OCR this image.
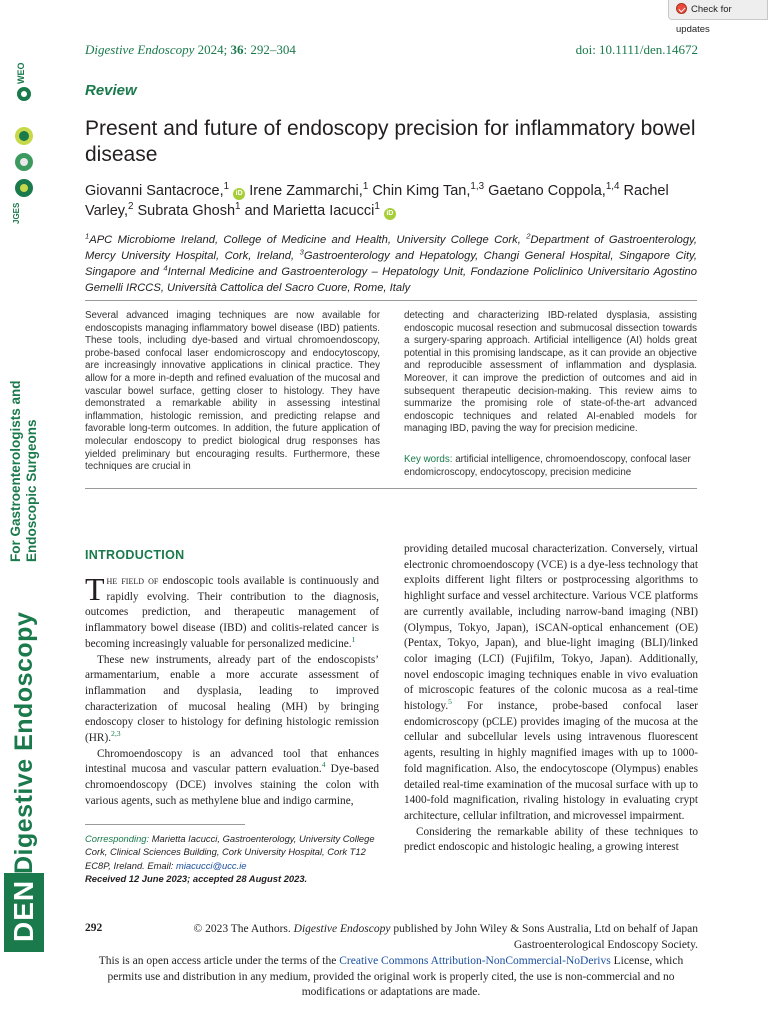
Check for updates
WEO
JGES
DEN
Digestive Endoscopy
For Gastroenterologists and Endoscopic Surgeons
Digestive Endoscopy 2024; 36: 292–304	doi: 10.1111/den.14672
Review
Present and future of endoscopy precision for inflammatory bowel disease
Giovanni Santacroce,$^1$ iD Irene Zammarchi,$^1$ Chin Kimg Tan,$^{1,3}$ Gaetano Coppola,$^{1,4}$ Rachel Varley,$^2$ Subrata Ghosh$^1$ and Marietta Iacucci$^1$ iD
$^1$APC Microbiome Ireland, College of Medicine and Health, University College Cork, $^2$Department of Gastroenterology, Mercy University Hospital, Cork, Ireland, $^3$Gastroenterology and Hepatology, Changi General Hospital, Singapore City, Singapore and $^4$Internal Medicine and Gastroenterology – Hepatology Unit, Fondazione Policlinico Universitario Agostino Gemelli IRCCS, Università Cattolica del Sacro Cuore, Rome, Italy
Several advanced imaging techniques are now available for endoscopists managing inflammatory bowel disease (IBD) patients. These tools, including dye-based and virtual chromoendoscopy, probe-based confocal laser endomicroscopy and endocytoscopy, are increasingly innovative applications in clinical practice. They allow for a more in-depth and refined evaluation of the mucosal and vascular bowel surface, getting closer to histology. They have demonstrated a remarkable ability in assessing intestinal inflammation, histologic remission, and predicting relapse and favorable long-term outcomes. In addition, the future application of molecular endoscopy to predict biological drug responses has yielded preliminary but encouraging results. Furthermore, these techniques are crucial in
detecting and characterizing IBD-related dysplasia, assisting endoscopic mucosal resection and submucosal dissection towards a surgery-sparing approach. Artificial intelligence (AI) holds great potential in this promising landscape, as it can provide an objective and reproducible assessment of inflammation and dysplasia. Moreover, it can improve the prediction of outcomes and aid in subsequent therapeutic decision-making. This review aims to summarize the promising role of state-of-the-art advanced endoscopic techniques and related AI-enabled models for managing IBD, paving the way for precision medicine.
Key words: artificial intelligence, chromoendoscopy, confocal laser endomicroscopy, endocytoscopy, precision medicine
INTRODUCTION

The field of endoscopic tools available is continuously and rapidly evolving. Their contribution to the diagnosis, outcomes prediction, and therapeutic management of inflammatory bowel disease (IBD) and colitis-related cancer is becoming increasingly valuable for personalized medicine.$^1$

These new instruments, already part of the endoscopists’ armamentarium, enable a more accurate assessment of inflammation and dysplasia, leading to improved characterization of mucosal healing (MH) by bringing endoscopy closer to histology for defining histologic remission (HR).$^{2,3}$

Chromoendoscopy is an advanced tool that enhances intestinal mucosa and vascular pattern evaluation.$^4$ Dye-based chromoendoscopy (DCE) involves staining the colon with various agents, such as methylene blue and indigo carmine,

providing detailed mucosal characterization. Conversely, virtual electronic chromoendoscopy (VCE) is a dye-less technology that exploits different light filters or postprocessing algorithms to highlight surface and vessel architecture. Various VCE platforms are currently available, including narrow-band imaging (NBI) (Olympus, Tokyo, Japan), iSCAN-optical enhancement (OE) (Pentax, Tokyo, Japan), and blue-light imaging (BLI)/linked color imaging (LCI) (Fujifilm, Tokyo, Japan). Additionally, novel endoscopic imaging techniques enable in vivo evaluation of microscopic features of the colonic mucosa as a real-time histology.$^5$ For instance, probe-based confocal laser endomicroscopy (pCLE) provides imaging of the mucosa at the cellular and subcellular levels using intravenous fluorescent agents, resulting in highly magnified images with up to 1000-fold magnification. Also, the endocytoscope (Olympus) enables detailed real-time examination of the mucosal surface with up to 1400-fold magnification, rivaling histology in evaluating crypt architecture, cellular infiltration, and microvessel impairment.

Considering the remarkable ability of these techniques to predict endoscopic and histologic healing, a growing interest

Corresponding: Marietta Iacucci, Gastroenterology, University College Cork, Clinical Sciences Building, Cork University Hospital, Cork T12 EC8P, Ireland. Email: miacucci@ucc.ie
Received 12 June 2023; accepted 28 August 2023.
292	© 2023 The Authors. Digestive Endoscopy published by John Wiley & Sons Australia, Ltd on behalf of Japan Gastroenterological Endoscopy Society.
This is an open access article under the terms of the Creative Commons Attribution-NonCommercial-NoDerivs License, which permits use and distribution in any medium, provided the original work is properly cited, the use is non-commercial and no modifications or adaptations are made.
